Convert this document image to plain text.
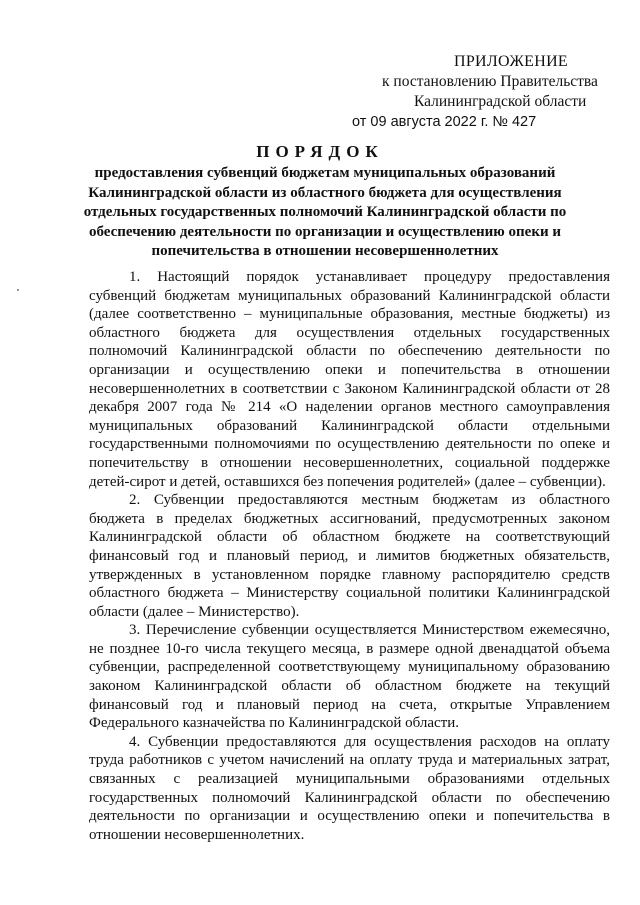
ПРИЛОЖЕНИЕ
к постановлению Правительства
Калининградской области
от 09 августа 2022 г. № 427
ПОРЯДОК
предоставления субвенций бюджетам муниципальных образований Калининградской области из областного бюджета для осуществления отдельных государственных полномочий Калининградской области по обеспечению деятельности по организации и осуществлению опеки и попечительства в отношении несовершеннолетних

1. Настоящий порядок устанавливает процедуру предоставления субвенций бюджетам муниципальных образований Калининградской области (далее соответственно – муниципальные образования, местные бюджеты) из областного бюджета для осуществления отдельных государственных полномочий Калининградской области по обеспечению деятельности по организации и осуществлению опеки и попечительства в отношении несовершеннолетних в соответствии с Законом Калининградской области от 28 декабря 2007 года № 214 «О наделении органов местного самоуправления муниципальных образований Калининградской области отдельными государственными полномочиями по осуществлению деятельности по опеке и попечительству в отношении несовершеннолетних, социальной поддержке детей-сирот и детей, оставшихся без попечения родителей» (далее – субвенции).

2. Субвенции предоставляются местным бюджетам из областного бюджета в пределах бюджетных ассигнований, предусмотренных законом Калининградской области об областном бюджете на соответствующий финансовый год и плановый период, и лимитов бюджетных обязательств, утвержденных в установленном порядке главному распорядителю средств областного бюджета – Министерству социальной политики Калининградской области (далее – Министерство).

3. Перечисление субвенции осуществляется Министерством ежемесячно, не позднее 10-го числа текущего месяца, в размере одной двенадцатой объема субвенции, распределенной соответствующему муниципальному образованию законом Калининградской области об областном бюджете на текущий финансовый год и плановый период на счета, открытые Управлением Федерального казначейства по Калининградской области.

4. Субвенции предоставляются для осуществления расходов на оплату труда работников с учетом начислений на оплату труда и материальных затрат, связанных с реализацией муниципальными образованиями отдельных государственных полномочий Калининградской области по обеспечению деятельности по организации и осуществлению опеки и попечительства в отношении несовершеннолетних.
